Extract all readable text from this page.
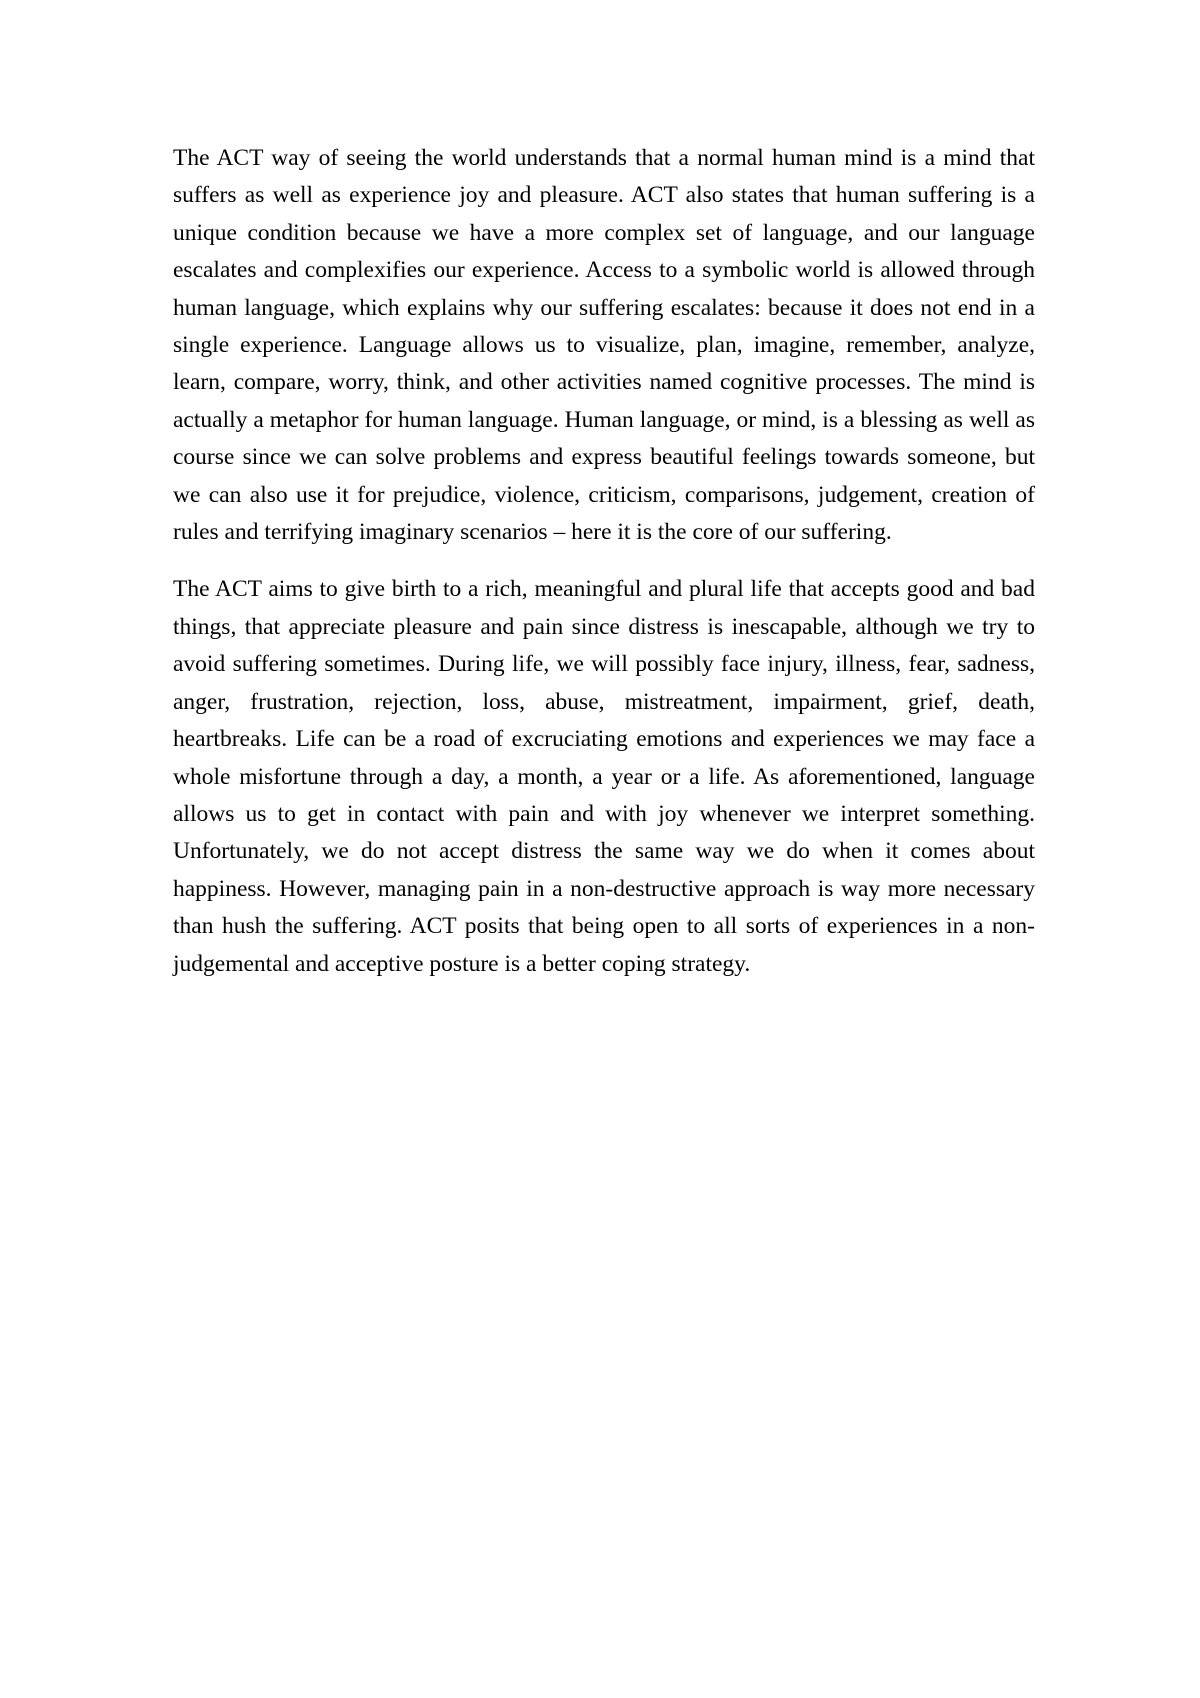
The ACT way of seeing the world understands that a normal human mind is a mind that suffers as well as experience joy and pleasure. ACT also states that human suffering is a unique condition because we have a more complex set of language, and our language escalates and complexifies our experience. Access to a symbolic world is allowed through human language, which explains why our suffering escalates: because it does not end in a single experience. Language allows us to visualize, plan, imagine, remember, analyze, learn, compare, worry, think, and other activities named cognitive processes. The mind is actually a metaphor for human language. Human language, or mind, is a blessing as well as course since we can solve problems and express beautiful feelings towards someone, but we can also use it for prejudice, violence, criticism, comparisons, judgement, creation of rules and terrifying imaginary scenarios – here it is the core of our suffering.

The ACT aims to give birth to a rich, meaningful and plural life that accepts good and bad things, that appreciate pleasure and pain since distress is inescapable, although we try to avoid suffering sometimes. During life, we will possibly face injury, illness, fear, sadness, anger, frustration, rejection, loss, abuse, mistreatment, impairment, grief, death, heartbreaks. Life can be a road of excruciating emotions and experiences we may face a whole misfortune through a day, a month, a year or a life. As aforementioned, language allows us to get in contact with pain and with joy whenever we interpret something. Unfortunately, we do not accept distress the same way we do when it comes about happiness. However, managing pain in a non-destructive approach is way more necessary than hush the suffering. ACT posits that being open to all sorts of experiences in a non-judgemental and acceptive posture is a better coping strategy.
